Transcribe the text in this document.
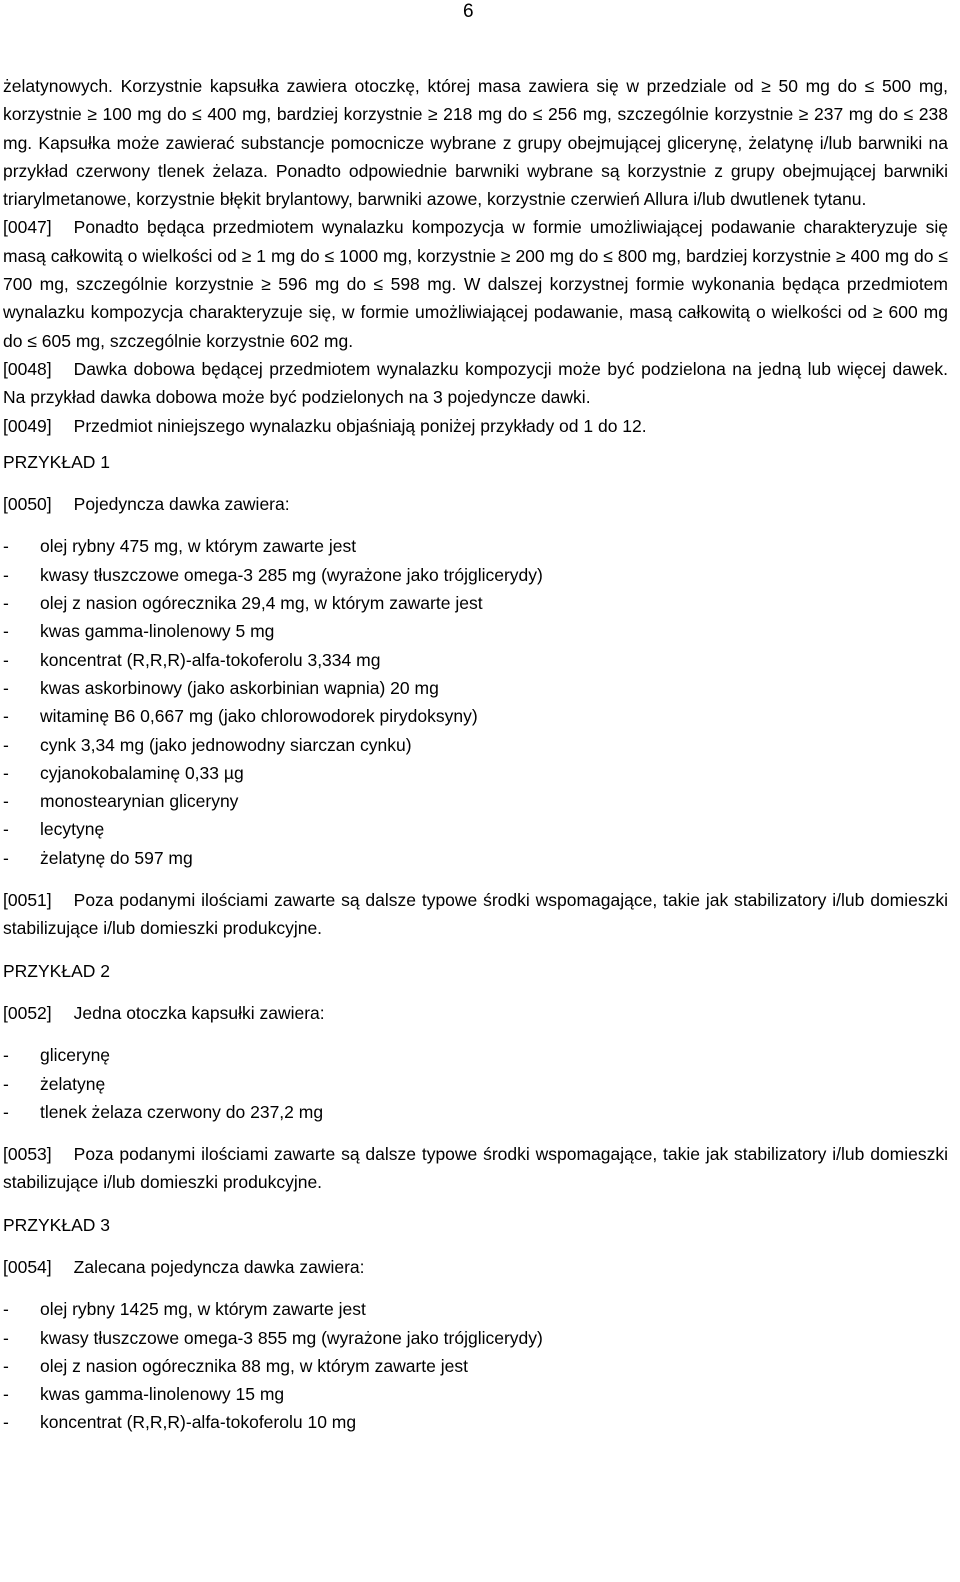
6

żelatynowych. Korzystnie kapsułka zawiera otoczkę, której masa zawiera się w przedziale od ≥ 50 mg do ≤ 500 mg, korzystnie ≥ 100 mg do ≤ 400 mg, bardziej korzystnie ≥ 218 mg do ≤ 256 mg, szczególnie korzystnie ≥ 237 mg do ≤ 238 mg. Kapsułka może zawierać substancje pomocnicze wybrane z grupy obejmującej glicerynę, żelatynę i/lub barwniki na przykład czerwony tlenek żelaza. Ponadto odpowiednie barwniki wybrane są korzystnie z grupy obejmującej barwniki triarylmetanowe, korzystnie błękit brylantowy, barwniki azowe, korzystnie czerwień Allura i/lub dwutlenek tytanu.

[0047] Ponadto będąca przedmiotem wynalazku kompozycja w formie umożliwiającej podawanie charakteryzuje się masą całkowitą o wielkości od ≥ 1 mg do ≤ 1000 mg, korzystnie ≥ 200 mg do ≤ 800 mg, bardziej korzystnie ≥ 400 mg do ≤ 700 mg, szczególnie korzystnie ≥ 596 mg do ≤ 598 mg. W dalszej korzystnej formie wykonania będąca przedmiotem wynalazku kompozycja charakteryzuje się, w formie umożliwiającej podawanie, masą całkowitą o wielkości od ≥ 600 mg do ≤ 605 mg, szczególnie korzystnie 602 mg.

[0048] Dawka dobowa będącej przedmiotem wynalazku kompozycji może być podzielona na jedną lub więcej dawek. Na przykład dawka dobowa może być podzielonych na 3 pojedyncze dawki.

[0049] Przedmiot niniejszego wynalazku objaśniają poniżej przykłady od 1 do 12.

PRZYKŁAD 1

[0050] Pojedyncza dawka zawiera:

-	olej rybny 475 mg, w którym zawarte jest
-	kwasy tłuszczowe omega-3 285 mg (wyrażone jako trójglicerydy)
-	olej z nasion ogórecznika 29,4 mg, w którym zawarte jest
-	kwas gamma-linolenowy 5 mg
-	koncentrat (R,R,R)-alfa-tokoferolu 3,334 mg
-	kwas askorbinowy (jako askorbinian wapnia) 20 mg
-	witaminę B6 0,667 mg (jako chlorowodorek pirydoksyny)
-	cynk 3,34 mg (jako jednowodny siarczan cynku)
-	cyjanokobalaminę 0,33 µg
-	monostearynian gliceryny
-	lecytynę
-	żelatynę do 597 mg

[0051] Poza podanymi ilościami zawarte są dalsze typowe środki wspomagające, takie jak stabilizatory i/lub domieszki stabilizujące i/lub domieszki produkcyjne.

PRZYKŁAD 2

[0052] Jedna otoczka kapsułki zawiera:

-	glicerynę
-	żelatynę
-	tlenek żelaza czerwony do 237,2 mg

[0053] Poza podanymi ilościami zawarte są dalsze typowe środki wspomagające, takie jak stabilizatory i/lub domieszki stabilizujące i/lub domieszki produkcyjne.

PRZYKŁAD 3

[0054] Zalecana pojedyncza dawka zawiera:

-	olej rybny 1425 mg, w którym zawarte jest
-	kwasy tłuszczowe omega-3 855 mg (wyrażone jako trójglicerydy)
-	olej z nasion ogórecznika 88 mg, w którym zawarte jest
-	kwas gamma-linolenowy 15 mg
-	koncentrat (R,R,R)-alfa-tokoferolu 10 mg
